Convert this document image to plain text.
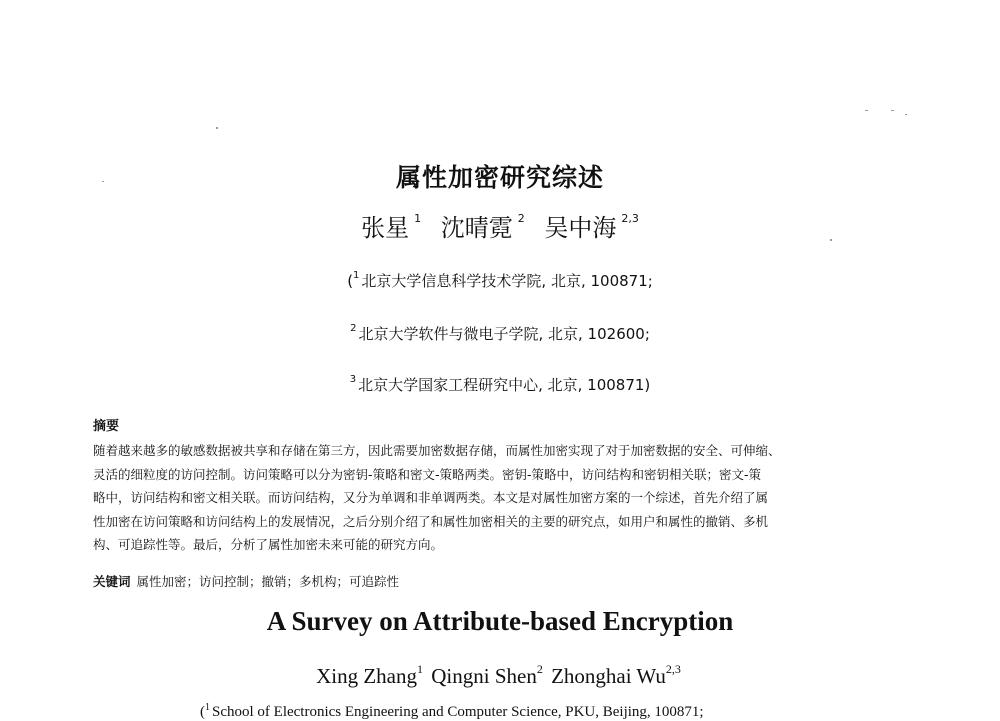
属性加密研究综述
张星 $^1$ 沈晴霓 $^2$ 吴中海 $^{2,3}$
($^1$ 北京大学信息科学技术学院, 北京, 100871;
$^2$ 北京大学软件与微电子学院, 北京, 102600;
$^3$ 北京大学国家工程研究中心, 北京, 100871)
摘要
随着越来越多的敏感数据被共享和存储在第三方，因此需要加密数据存储，而属性加密实现了对于加密数据的安全、可伸缩、
灵活的细粒度的访问控制。访问策略可以分为密钥-策略和密文-策略两类。密钥-策略中，访问结构和密钥相关联；密文-策
略中，访问结构和密文相关联。而访问结构，又分为单调和非单调两类。本文是对属性加密方案的一个综述，首先介绍了属
性加密在访问策略和访问结构上的发展情况，之后分别介绍了和属性加密相关的主要的研究点，如用户和属性的撤销、多机
构、可追踪性等。最后，分析了属性加密未来可能的研究方向。
关键词 属性加密；访问控制；撤销；多机构；可追踪性
A Survey on Attribute-based Encryption
Xing Zhang$^1$ Qingni Shen$^2$ Zhonghai Wu$^{2,3}$
($^1$ School of Electronics Engineering and Computer Science, PKU, Beijing, 100871;
